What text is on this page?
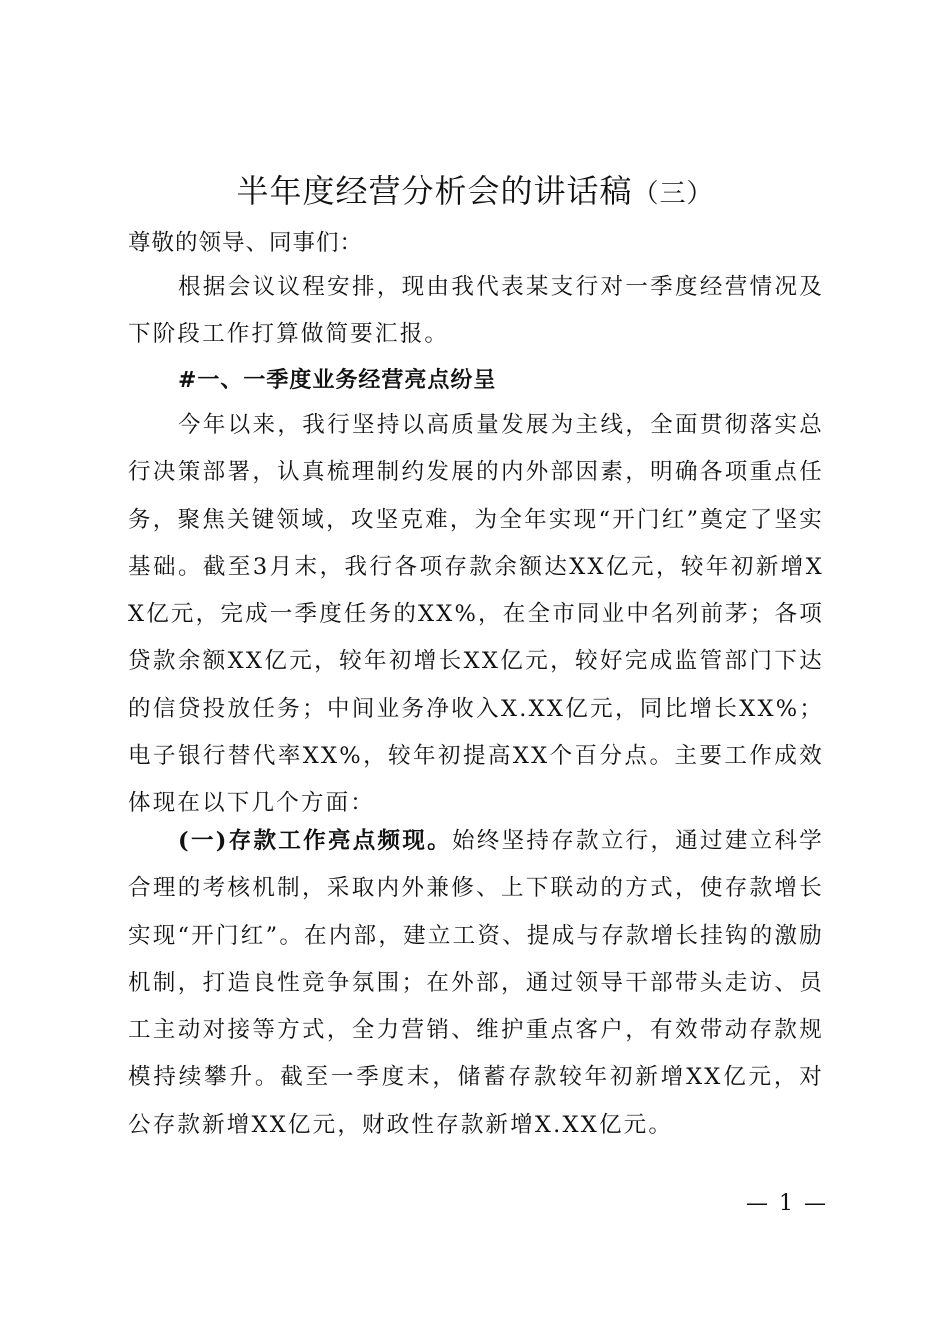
半年度经营分析会的讲话稿（三）
尊敬的领导、同事们：

根据会议议程安排，现由我代表某支行对一季度经营情况及下阶段工作打算做简要汇报。

#一、一季度业务经营亮点纷呈

今年以来，我行坚持以高质量发展为主线，全面贯彻落实总行决策部署，认真梳理制约发展的内外部因素，明确各项重点任务，聚焦关键领域，攻坚克难，为全年实现“开门红”奠定了坚实基础。截至3月末，我行各项存款余额达XX亿元，较年初新增XX亿元，完成一季度任务的XX%，在全市同业中名列前茅；各项贷款余额XX亿元，较年初增长XX亿元，较好完成监管部门下达的信贷投放任务；中间业务净收入X.XX亿元，同比增长XX%；电子银行替代率XX%，较年初提高XX个百分点。主要工作成效体现在以下几个方面：

(一)存款工作亮点频现。始终坚持存款立行，通过建立科学合理的考核机制，采取内外兼修、上下联动的方式，使存款增长实现“开门红”。在内部，建立工资、提成与存款增长挂钩的激励机制，打造良性竞争氛围；在外部，通过领导干部带头走访、员工主动对接等方式，全力营销、维护重点客户，有效带动存款规模持续攀升。截至一季度末，储蓄存款较年初新增XX亿元，对公存款新增XX亿元，财政性存款新增X.XX亿元。

— 1 —
